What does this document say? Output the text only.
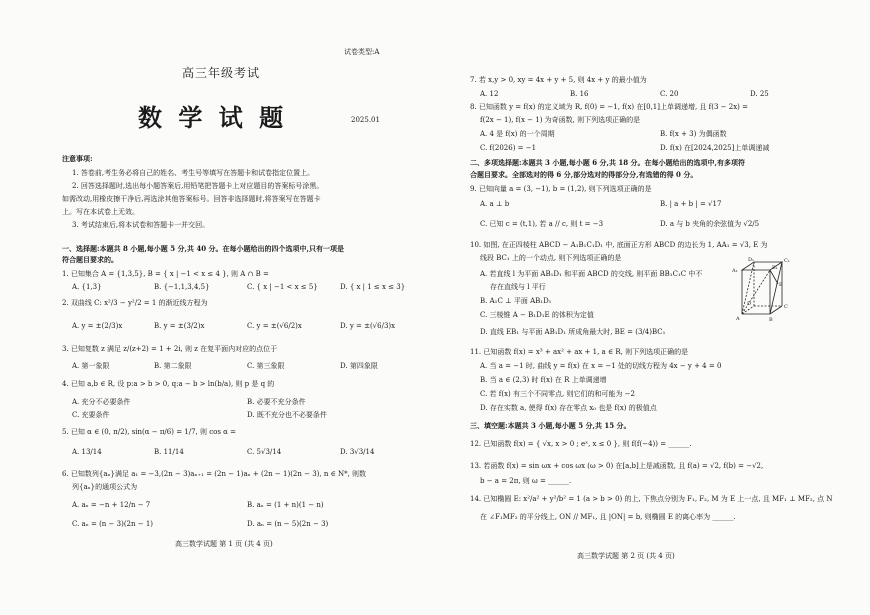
试卷类型:A
高三年级考试
数 学 试 题	2025.01
注意事项:
1. 答卷前,考生务必将自己的姓名、考生号等填写在答题卡和试卷指定位置上。
2. 回答选择题时,选出每小题答案后,用铅笔把答题卡上对应题目的答案标号涂黑。
如需改动,用橡皮擦干净后,再选涂其他答案标号。回答非选择题时,将答案写在答题卡
上。写在本试卷上无效。
3. 考试结束后,将本试卷和答题卡一并交回。
一、选择题:本题共 8 小题,每小题 5 分,共 40 分。在每小题给出的四个选项中,只有一项是
符合题目要求的。
1. 已知集合 A = {1,3,5}, B = { x | −1 < x ≤ 4 }, 则 A ∩ B =
A. {1,3}	B. {−1,1,3,4,5}	C. { x | −1 < x ≤ 5}	D. { x | 1 ≤ x ≤ 3}
2. 双曲线 C: x²/3 − y²/2 = 1 的渐近线方程为
A. y = ±(2/3)x	B. y = ±(3/2)x	C. y = ±(√6/2)x	D. y = ±(√6/3)x
3. 已知复数 z 满足 z/(z+2) = 1 + 2i, 则 z 在复平面内对应的点位于
A. 第一象限	B. 第二象限	C. 第三象限	D. 第四象限
4. 已知 a,b ∈ R, 设 p:a > b > 0, q:a − b > ln(b/a), 则 p 是 q 的
A. 充分不必要条件	B. 必要不充分条件
C. 充要条件	D. 既不充分也不必要条件
5. 已知 α ∈ (0, π/2), sin(α − π/6) = 1/7, 则 cos α =
A. 13/14	B. 11/14	C. 5√3/14	D. 3√3/14
6. 已知数列{aₙ}满足 a₁ = −3,(2n − 3)aₙ₊₁ = (2n − 1)aₙ + (2n − 1)(2n − 3), n ∈ N*, 则数
列{aₙ}的通项公式为
A. aₙ = −n + 12/n − 7	B. aₙ = (1 + n)(1 − n)
C. aₙ = (n − 3)(2n − 1)	D. aₙ = (n − 5)(2n − 3)
高三数学试题 第 1 页 (共 4 页)
7. 若 x,y > 0, xy = 4x + y + 5, 则 4x + y 的最小值为
A. 12	B. 16	C. 20	D. 25
8. 已知函数 y = f(x) 的定义域为 R, f(0) = −1, f(x) 在[0,1]上单调递增, 且 f(3 − 2x) =
f(2x − 1), f(x − 1) 为奇函数, 则下列选项正确的是
A. 4 是 f(x) 的一个周期	B. f(x + 3) 为偶函数
C. f(2026) = −1	D. f(x) 在[2024,2025]上单调递减
二、多项选择题:本题共 3 小题,每小题 6 分,共 18 分。在每小题给出的选项中,有多项符
合题目要求。全部选对的得 6 分,部分选对的得部分分,有选错的得 0 分。
9. 已知向量 a = (3, −1), b = (1,2), 则下列选项正确的是
A. a ⊥ b	B. | a + b | = √17
C. 已知 c = (t,1), 若 a // c, 则 t = −3	D. a 与 b 夹角的余弦值为 √2/5
10. 如图, 在正四棱柱 ABCD − A₁B₁C₁D₁ 中, 底面正方形 ABCD 的边长为 1, AA₁ = √3, E 为
线段 BC₁ 上的一个动点, 则下列选项正确的是
A. 若直线 l 为平面 AB₁D₁ 和平面 ABCD 的交线, 则平面 BB₁C₁C 中不
存在直线与 l 平行
B. A₁C ⊥ 平面 AB₁D₁
C. 三棱锥 A − B₁D₁E 的体积为定值
D. 直线 EB₁ 与平面 AB₁D₁ 所成角最大时, BE = (3/4)BC₁
D₁	C₁
A₁	B₁
D	C
A	B
E
11. 已知函数 f(x) = x³ + ax² + ax + 1, a ∈ R, 则下列选项正确的是
A. 当 a = −1 时, 曲线 y = f(x) 在 x = −1 处的切线方程为 4x − y + 4 = 0
B. 当 a ∈ (2,3) 时 f(x) 在 R 上单调递增
C. 若 f(x) 有三个不同零点, 则它们的和可能为 −2
D. 存在实数 a, 使得 f(x) 存在零点 x₀ 也是 f(x) 的极值点
三、填空题:本题共 3 小题,每小题 5 分,共 15 分。
12. 已知函数 f(x) = { √x, x > 0 ; eˣ, x ≤ 0 }, 则 f(f(−4)) = ______.
13. 若函数 f(x) = sin ωx + cos ωx (ω > 0) 在[a,b]上是减函数, 且 f(a) = √2, f(b) = −√2,
b − a = 2π, 则 ω = ______.
14. 已知椭圆 E: x²/a² + y²/b² = 1 (a > b > 0) 的上, 下焦点分别为 F₁, F₂, M 为 E 上一点, 且 MF₁ ⊥ MF₂, 点 N
在 ∠F₁MF₂ 的平分线上, ON // MF₁, 且 |ON| = b, 则椭圆 E 的离心率为 ______.
高三数学试题 第 2 页 (共 4 页)
